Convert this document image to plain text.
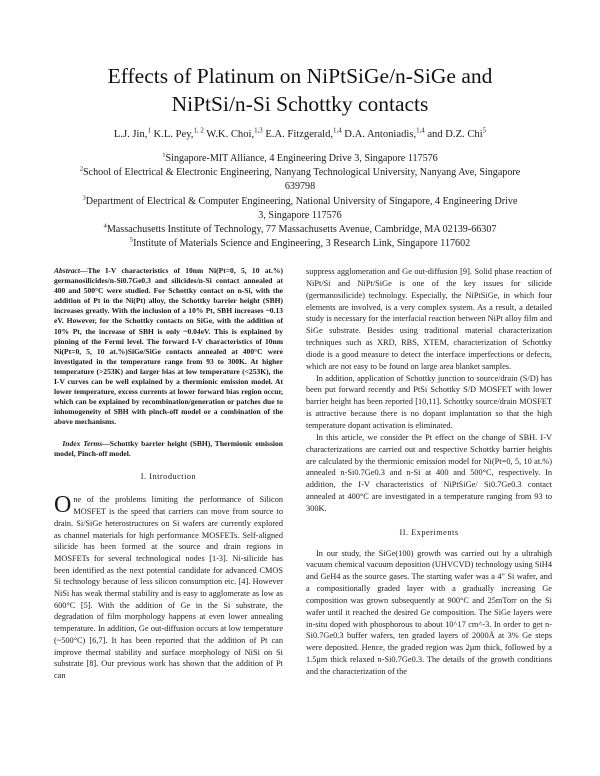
Effects of Platinum on NiPtSiGe/n-SiGe and
NiPtSi/n-Si Schottky contacts
L.J. Jin,$^1$ K.L. Pey,$^{1, 2}$ W.K. Choi,$^{1,3}$ E.A. Fitzgerald,$^{1,4}$ D.A. Antoniadis,$^{1,4}$ and D.Z. Chi$^5$
$^1$Singapore-MIT Alliance, 4 Engineering Drive 3, Singapore 117576
$^2$School of Electrical & Electronic Engineering, Nanyang Technological University, Nanyang Ave, Singapore 639798
$^3$Department of Electrical & Computer Engineering, National University of Singapore, 4 Engineering Drive 3, Singapore 117576
$^4$Massachusetts Institute of Technology, 77 Massachusetts Avenue, Cambridge, MA 02139-66307
$^5$Institute of Materials Science and Engineering, 3 Research Link, Singapore 117602
Abstract—The I-V characteristics of 10nm Ni(Pt=0, 5, 10 at.%) germanosilicides/n-Si0.7Ge0.3 and silicides/n-Si contact annealed at 400 and 500°C were studied. For Schottky contact on n-Si, with the addition of Pt in the Ni(Pt) alloy, the Schottky barrier height (SBH) increases greatly. With the inclusion of a 10% Pt, SBH increases ~0.13 eV. However, for the Schottky contacts on SiGe, with the addition of 10% Pt, the increase of SBH is only ~0.04eV. This is explained by pinning of the Fermi level. The forward I-V characteristics of 10nm Ni(Pt=0, 5, 10 at.%)SiGe/SiGe contacts annealed at 400°C were investigated in the temperature range from 93 to 300K. At higher temperature (>253K) and larger bias at low temperature (<253K), the I-V curves can be well explained by a thermionic emission model. At lower temperature, excess currents at lower forward bias region occur, which can be explained by recombination/generation or patches due to inhomogeneity of SBH with pinch-off model or a combination of the above mechanisms.
Index Terms—Schottky barrier height (SBH), Thermionic emission model, Pinch-off model.
I. Introduction

One of the problems limiting the performance of Silicon MOSFET is the speed that carriers can move from source to drain. Si/SiGe heterostructures on Si wafers are currently explored as channel materials for high performance MOSFETs. Self-aligned silicide has been formed at the source and drain regions in MOSFETs for several technological nodes [1-3]. Ni-silicide has been identified as the next potential candidate for advanced CMOS Si technology because of less silicon consumption etc. [4]. However NiSi has weak thermal stability and is easy to agglomerate as low as 600°C [5]. With the addition of Ge in the Si substrate, the degradation of film morphology happens at even lower annealing temperature. In addition, Ge out-diffusion occurs at low temperature (~500°C) [6,7]. It has been reported that the addition of Pt can improve thermal stability and surface morphology of NiSi on Si substrate [8]. Our previous work has shown that the addition of Pt can

suppress agglomeration and Ge out-diffusion [9]. Solid phase reaction of NiPt/Si and NiPt/SiGe is one of the key issues for silicide (germanosilicide) technology. Especially, the NiPtSiGe, in which four elements are involved, is a very complex system. As a result, a detailed study is necessary for the interfacial reaction between NiPt alloy film and SiGe substrate. Besides using traditional material characterization techniques such as XRD, RBS, XTEM, characterization of Schottky diode is a good measure to detect the interface imperfections or defects, which are not easy to be found on large area blanket samples.

In addition, application of Schottky junction to source/drain (S/D) has been put forward recently and PtSi Schottky S/D MOSFET with lower barrier height has been reported [10,11]. Schottky source/drain MOSFET is attractive because there is no dopant implantation so that the high temperature dopant activation is eliminated.

In this article, we consider the Pt effect on the change of SBH. I-V characterizations are carried out and respective Schottky barrier heights are calculated by the thermionic emission model for Ni(Pt=0, 5, 10 at.%) annealed n-Si0.7Ge0.3 and n-Si at 400 and 500°C, respectively. In addition, the I-V characteristics of NiPtSiGe/ Si0.7Ge0.3 contact annealed at 400°C are investigated in a temperature ranging from 93 to 300K.

II. Experiments

In our study, the SiGe(100) growth was carried out by a ultrahigh vacuum chemical vacuum deposition (UHVCVD) technology using SiH4 and GeH4 as the source gases. The starting wafer was a 4" Si wafer, and a compositionally graded layer with a gradually increasing Ge composition was grown subsequently at 900°C and 25mTorr on the Si wafer until it reached the desired Ge composition. The SiGe layers were in-situ doped with phosphorous to about 10^17 cm^-3. In order to get n-Si0.7Ge0.3 buffer wafers, ten graded layers of 2000Å at 3% Ge steps were deposited. Hence, the graded region was 2μm thick, followed by a 1.5μm thick relaxed n-Si0.7Ge0.3. The details of the growth conditions and the characterization of the
